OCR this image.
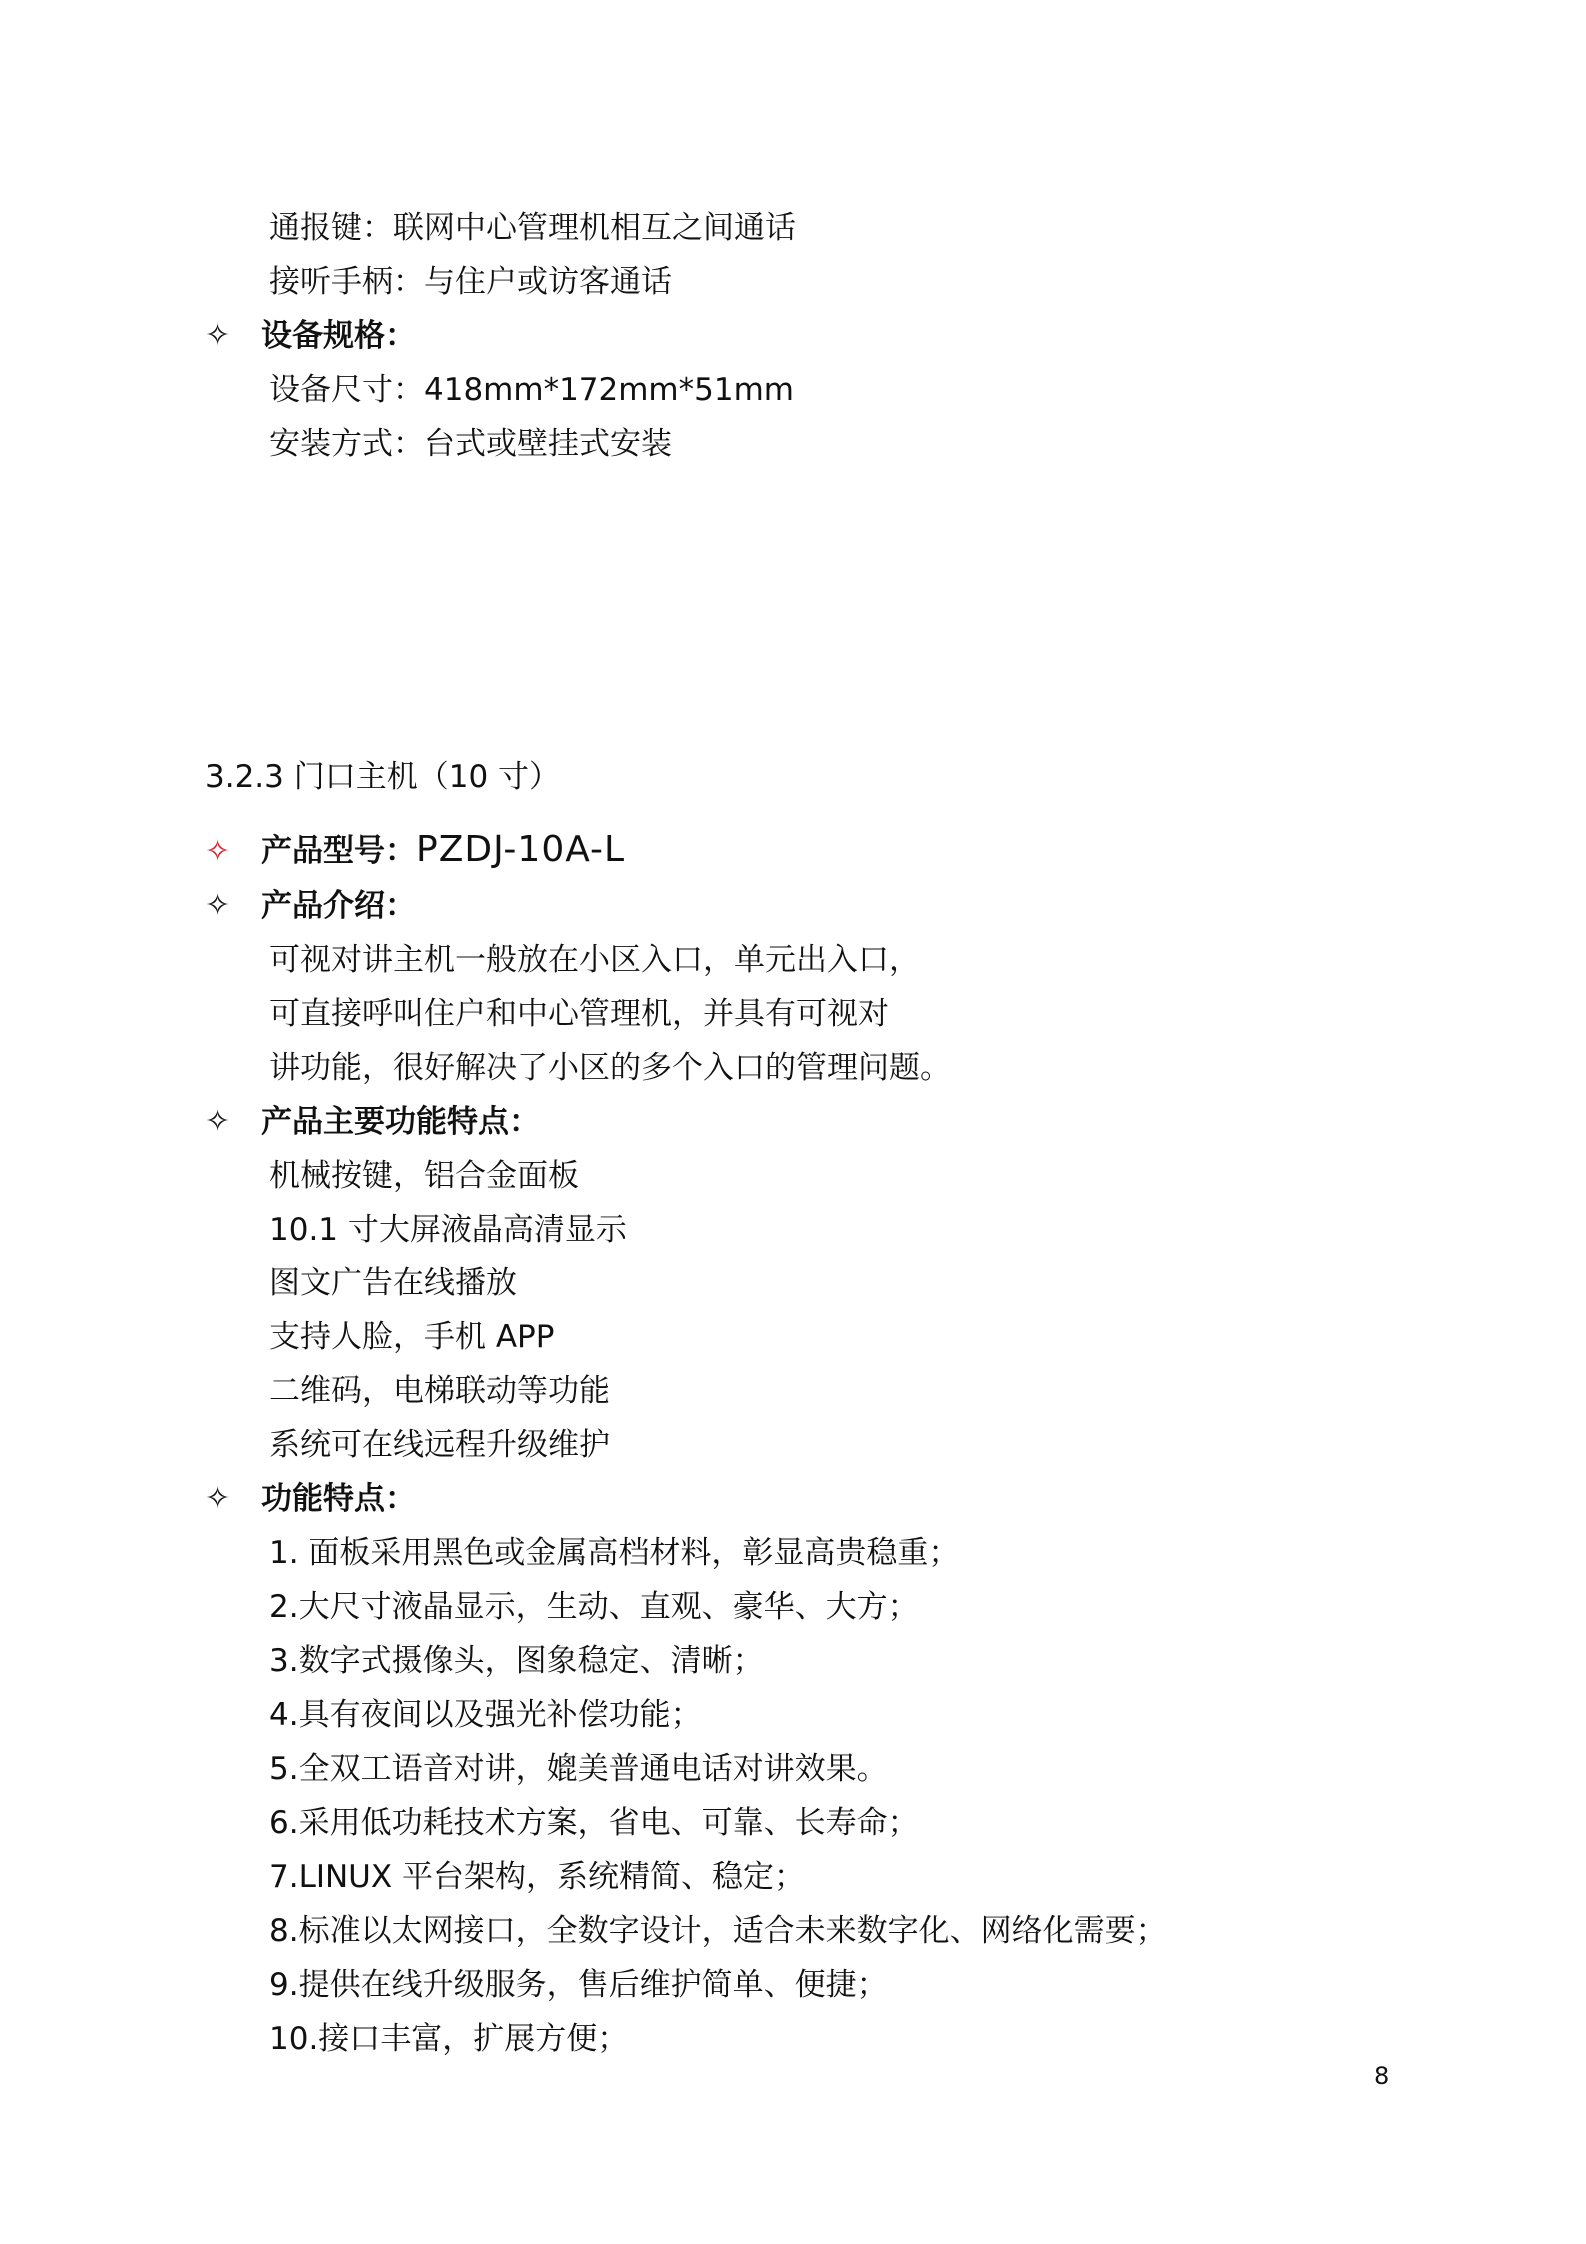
通报键：联网中心管理机相互之间通话
接听手柄：与住户或访客通话
✧ 设备规格：
设备尺寸：418mm*172mm*51mm
安装方式：台式或壁挂式安装
3.2.3 门口主机（10 寸）
✧ 产品型号：PZDJ-10A-L
✧ 产品介绍：
可视对讲主机一般放在小区入口，单元出入口，
可直接呼叫住户和中心管理机，并具有可视对
讲功能，很好解决了小区的多个入口的管理问题。
✧ 产品主要功能特点：
机械按键，铝合金面板
10.1 寸大屏液晶高清显示
图文广告在线播放
支持人脸，手机 APP
二维码，电梯联动等功能
系统可在线远程升级维护
✧ 功能特点：
1. 面板采用黑色或金属高档材料，彰显高贵稳重；
2.大尺寸液晶显示，生动、直观、豪华、大方；
3.数字式摄像头，图象稳定、清晰；
4.具有夜间以及强光补偿功能；
5.全双工语音对讲，媲美普通电话对讲效果。
6.采用低功耗技术方案，省电、可靠、长寿命；
7.LINUX 平台架构，系统精简、稳定；
8.标准以太网接口，全数字设计，适合未来数字化、网络化需要；
9.提供在线升级服务，售后维护简单、便捷；
10.接口丰富，扩展方便；
8
